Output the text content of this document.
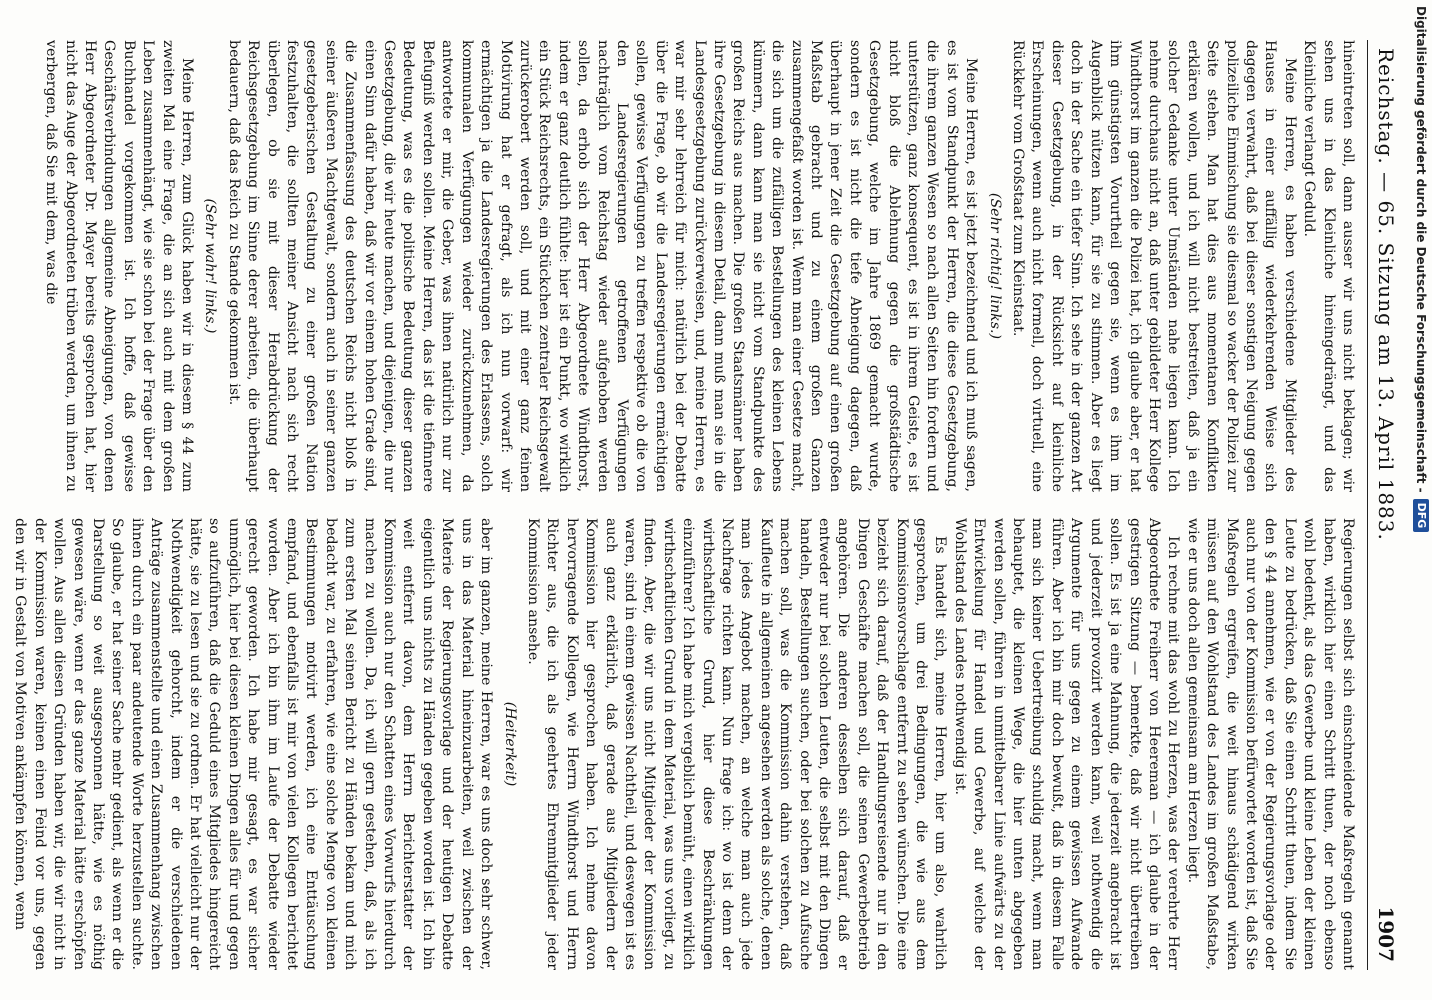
Reichstag. — 65. Sitzung am 13. April 1883.
1907

hineintreten soll, dann ausser wir uns nicht beklagen; wir sehen uns in das Kleinliche hineingedrängt, und das Kleinliche verlangt Geduld.

Meine Herren, es haben verschiedene Mitglieder des Hauses in einer auffällig wiederkehrenden Weise sich dagegen verwahrt, daß bei dieser sonstigen Neigung gegen polizeiliche Einmischung sie diesmal so wacker der Polizei zur Seite stehen. Man hat dies aus momentanen Konflikten erklären wollen, und ich will nicht bestreiten, daß ja ein solcher Gedanke unter Umständen nahe liegen kann. Ich nehme durchaus nicht an, daß unter gebildeter Herr Kollege Windthorst im ganzen die Polizei hat, ich glaube aber, er hat ihm günstigsten Vorurtheil gegen sie, wenn es ihm im Augenblick nützen kann, für sie zu stimmen. Aber es liegt doch in der Sache ein tiefer Sinn. Ich sehe in der ganzen Art dieser Gesetzgebung, in der Rücksicht auf kleinliche Erscheinungen, wenn auch nicht formell, doch virtuell, eine Rückkehr vom Großstaat zum Kleinstaat.

(Sehr richtig! links.)

Meine Herren, es ist jetzt bezeichnend und ich muß sagen, es ist vom Standpunkt der Herren, die diese Gesetzgebung, die ihrem ganzen Wesen so nach allen Seiten hin fordern und unterstützen, ganz konsequent, es ist in ihrem Geiste, es ist nicht bloß die Ablehnung gegen die großstädtische Gesetzgebung, welche im Jahre 1869 gemacht wurde, sondern es ist nicht die tiefe Abneigung dagegen, daß überhaupt in jener Zeit die Gesetzgebung auf einen großen Maßstab gebracht und zu einem großen Ganzen zusammengefaßt worden ist. Wenn man einer Gesetze macht, die sich um die zufälligen Bestellungen des kleinen Lebens kümmern, dann kann man sie nicht vom Standpunkte des großen Reichs aus machen. Die großen Staatsmänner haben ihre Gesetzgebung in diesem Detail, dann muß man sie in die Landesgesetzgebung zurückverweisen, und, meine Herren, es war mir sehr lehrreich für mich: natürlich bei der Debatte über die Frage, ob wir die Landesregierungen ermächtigen sollen, gewisse Verfügungen zu treffen respektive ob die von den Landesregierungen getroffenen Verfügungen nachträglich vom Reichstag wieder aufgehoben werden sollen, da erhob sich der Herr Abgeordnete Windthorst, indem er ganz deutlich fühlte: hier ist ein Punkt, wo wirklich ein Stück Reichsrechts, ein Stückchen zentraler Reichsgewalt zurückerobert werden soll, und mit einer ganz feinen Motivirung hat er gefragt, als ich nun vorwarf: wir ermächtigen ja die Landesregierungen des Erlassens, solch kommunalen Verfügungen wieder zurückzunehmen, da antwortete er mir, die Geber, was ihnen natürlich nur zur Befugniß werden sollen. Meine Herren, das ist die tiefinnere Bedeutung, was es die politische Bedeutung dieser ganzen Gesetzgebung, die wir heute machen, und diejenigen, die nur einen Sinn dafür haben, daß wir vor einem hohen Grade sind, die Zusammenfassung des deutschen Reichs nicht bloß in seiner äußeren Machtgewalt, sondern auch in seiner ganzen gesetzgeberischen Gestaltung zu einer großen Nation festzuhalten, die sollten meiner Ansicht nach sich recht überlegen, ob sie mit dieser Herabdrückung der Reichsgesetzgebung im Sinne derer arbeiten, die überhaupt bedauern, daß das Reich zu Stande gekommen ist.

(Sehr wahr! links.)

Meine Herren, zum Glück haben wir in diesem § 44 zum zweiten Mal eine Frage, die an sich auch mit dem großen Leben zusammenhängt, wie sie schon bei der Frage über den Buchhandel vorgekommen ist. Ich hoffe, daß gewisse Geschäftsverbindungen allgemeine Abneigungen, von denen Herr Abgeordneter Dr. Mayer bereits gesprochen hat, hier nicht das Auge der Abgeordneten trüben werden, um ihnen zu verbergen, daß Sie mit dem, was die

Regierungen selbst sich einschneidende Maßregeln genannt haben, wirklich hier einen Schritt thuen, der noch ebenso wohl bedenkt, als das Gewerbe und kleine Leben der kleinen Leute zu bedrücken, daß Sie einen Schritt thuen, indem Sie den § 44 annehmen, wie er von der Regierungsvorlage oder auch nur von der Kommission befürwortet worden ist, daß Sie Maßregeln ergreifen, die weit hinaus schädigend wirken müssen auf den Wohlstand des Landes im großen Maßstabe, wie er uns doch allen gemeinsam am Herzen liegt.

Ich rechne mit das wohl zu Herzen, was der verehrte Herr Abgeordnete Freiherr von Heereman — ich glaube in der gestrigen Sitzung — bemerkte, daß wir nicht übertreiben sollen. Es ist ja eine Mahnung, die jederzeit angebracht ist und jederzeit provozirt werden kann, weil nothwendig die Argumente für uns gegen zu einem gewissen Aufwande führen. Aber ich bin mir doch bewußt, daß in diesem Falle man sich keiner Uebertreibung schuldig macht, wenn man behauptet, die kleinen Wege, die hier unten abgegeben werden sollen, führen in unmittelbarer Linie aufwärts zu der Entwickelung für Handel und Gewerbe, auf welche der Wohlstand des Landes nothwendig ist.

Es handelt sich, meine Herren, hier um also, wahrlich gesprochen, um drei Bedingungen, die wie aus dem Kommissionsvorschlage entfernt zu sehen wünschen. Die eine bezieht sich darauf, daß der Handlungsreisende nur in den Dingen Geschäfte machen soll, die seinen Gewerbebetrieb angehören. Die anderen desselben sich darauf, daß er entweder nur bei solchen Leuten, die selbst mit den Dingen handeln, Bestellungen suchen, oder bei solchen zu Aufsuche machen soll, was die Kommission dahin verstehen, daß Kaufleute in allgemeinen angesehen werden als solche, denen man jedes Angebot machen, an welche man auch jede Nachfrage richten kann. Nun frage ich: wo ist denn der wirthschaftliche Grund, hier diese Beschränkungen einzuführen? Ich habe mich vergeblich bemüht, einen wirklich wirthschaftlichen Grund in dem Material, was uns vorliegt, zu finden. Aber, die wir uns nicht Mitglieder der Kommission waren, sind in einem gewissen Nachtheil, und deswegen ist es auch ganz erklärlich, daß gerade aus Mitgliedern der Kommission hier gesprochen haben. Ich nehme davon hervorragende Kollegen, wie Herrn Windthorst und Herrn Richter aus, die ich als geehrtes Ehrenmitglieder jeder Kommission ansehe.

(Heiterkeit)

aber im ganzen, meine Herren, war es uns doch sehr schwer, uns in das Material hineinzuarbeiten, weil zwischen der Materie der Regierungsvorlage und der heutigen Debatte eigentlich uns nichts zu Händen gegeben worden ist. Ich bin weit entfernt davon, dem Herrn Berichterstatter der Kommission auch nur den Schatten eines Vorwurfs hierdurch machen zu wollen. Da, ich will gern gestehen, daß, als ich zum ersten Mal seinen Bericht zu Händen bekam und mich bedacht war, zu erfahren, wie eine solche Menge von kleinen Bestimmungen motivirt werden, ich eine Enttäuschung empfand, und ebenfalls ist mir von vielen Kollegen berichtet worden. Aber ich bin ihm im Laufe der Debatte wieder gerecht geworden. Ich habe mir gesagt, es war sicher unmöglich, hier bei diesen kleinen Dingen alles für und gegen so aufzuführen, daß die Geduld eines Mitgliedes hingereicht hätte, sie zu lesen und sie zu ordnen. Er hat vielleicht nur der Nothwendigkeit gehorcht, indem er die verschiedenen Anträge zusammenstellte und einen Zusammenhang zwischen ihnen durch ein paar andeutende Worte herzustellen suchte. So glaube, er hat seiner Sache mehr gedient, als wenn er die Darstellung so weit ausgesponnen hätte, wie es nöthig gewesen wäre, wenn er das ganze Material hätte erschöpfen wollen. Aus allen diesen Gründen haben wir, die wir nicht in der Kommission waren, keinen einen Feind vor uns, gegen den wir in Gestalt von Motiven ankämpfen können, wenn

Digitalisierung gefördert durch die Deutsche Forschungsgemeinschaft -
DFG
